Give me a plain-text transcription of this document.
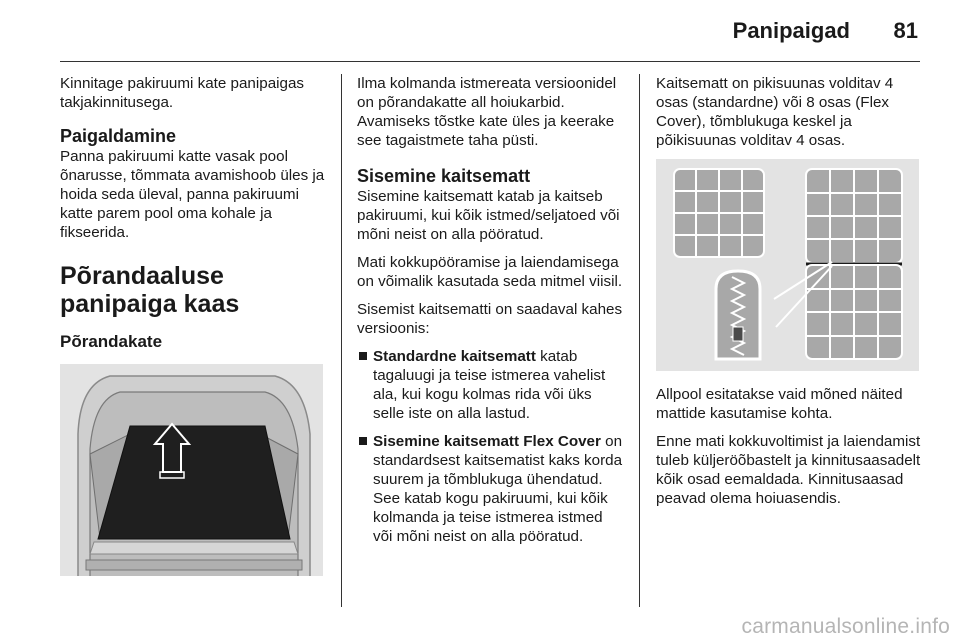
Panipaigad	81

Kinnitage pakiruumi kate panipaigas takjakinnitusega.

Paigaldamine

Panna pakiruumi katte vasak pool õnarusse, tõmmata avamishoob üles ja hoida seda üleval, panna pakiruumi katte parem pool oma kohale ja fikseerida.

Põrandaaluse panipaiga kaas
Põrandakate

Ilma kolmanda istmereata versioonidel on põrandakatte all hoiukarbid. Avamiseks tõstke kate üles ja keerake see tagaistmete taha püsti.

Sisemine kaitsematt

Sisemine kaitsematt katab ja kaitseb pakiruumi, kui kõik istmed/seljatoed või mõni neist on alla pööratud.

Mati kokkupööramise ja laiendamisega on võimalik kasutada seda mitmel viisil.

Sisemist kaitsematti on saadaval kahes versioonis:

Standardne kaitsematt katab tagaluugi ja teise istmerea vahelist ala, kui kogu kolmas rida või üks selle iste on alla lastud.
Sisemine kaitsematt Flex Cover on standardsest kaitsematist kaks korda suurem ja tõmblukuga ühendatud. See katab kogu pakiruumi, kui kõik kolmanda ja teise istmerea istmed või mõni neist on alla pööratud.

Kaitsematt on pikisuunas volditav 4 osas (standardne) või 8 osas (Flex Cover), tõmblukuga keskel ja põikisuunas volditav 4 osas.

Allpool esitatakse vaid mõned näited mattide kasutamise kohta.

Enne mati kokkuvoltimist ja laiendamist tuleb küljeröõbastelt ja kinnitusaasadelt kõik osad eemaldada. Kinnitusaasad peavad olema hoiuasendis.

carmanualsonline.info
